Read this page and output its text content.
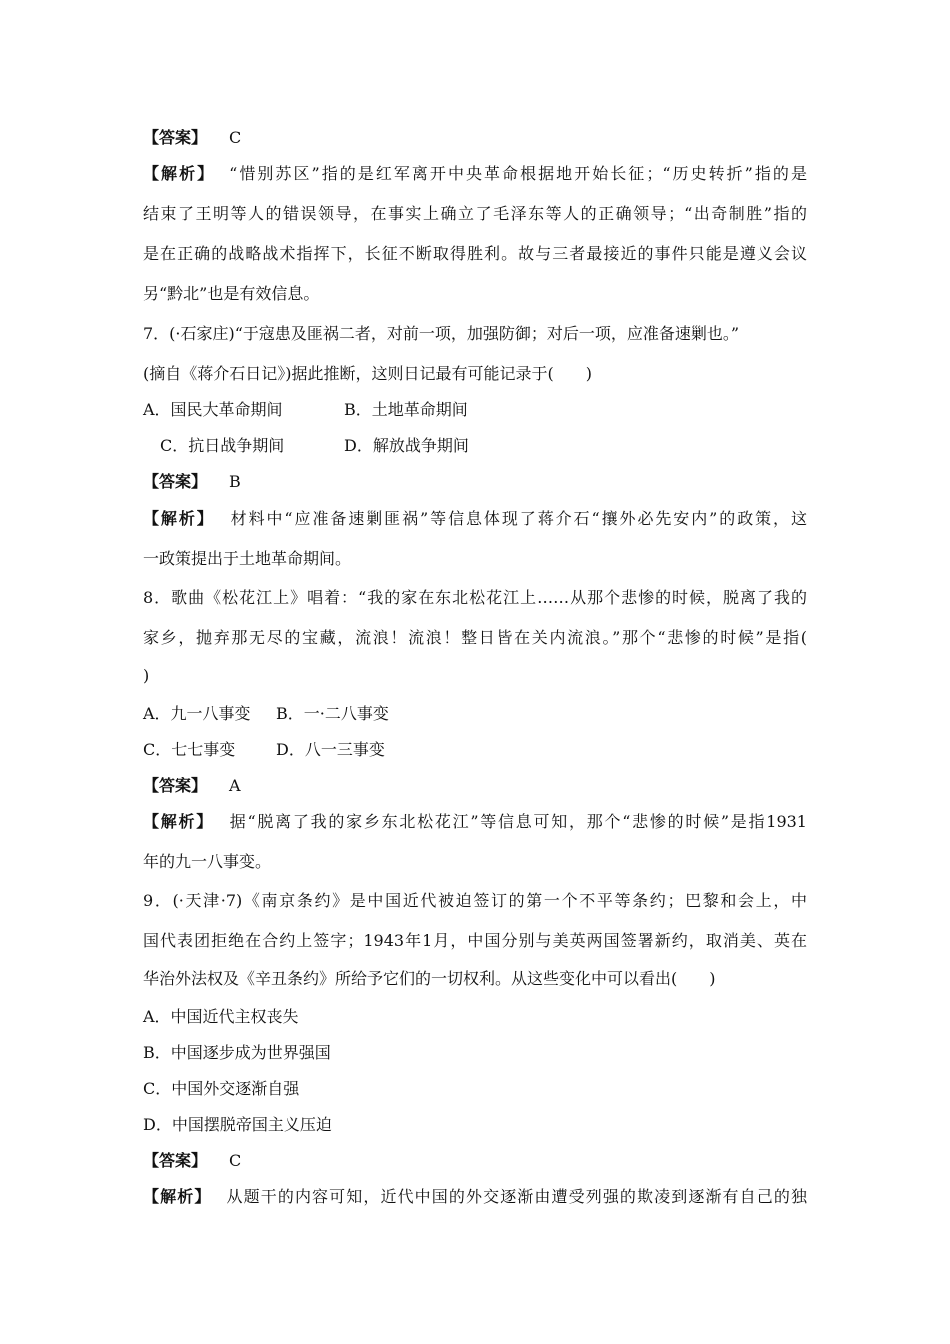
【答案】 C
【解析】 “惜别苏区”指的是红军离开中央革命根据地开始长征；“历史转折”指的是
结束了王明等人的错误领导，在事实上确立了毛泽东等人的正确领导；“出奇制胜”指的
是在正确的战略战术指挥下，长征不断取得胜利。故与三者最接近的事件只能是遵义会议
另“黔北”也是有效信息。
7．(·石家庄)“于寇患及匪祸二者，对前一项，加强防御；对后一项，应准备速剿也。”
(摘自《蒋介石日记》)据此推断，这则日记最有可能记录于(　　)
A．国民大革命期间	B．土地革命期间
C．抗日战争期间	D．解放战争期间
【答案】 B
【解析】 材料中“应准备速剿匪祸”等信息体现了蒋介石“攘外必先安内”的政策，这
一政策提出于土地革命期间。
8．歌曲《松花江上》唱着：“我的家在东北松花江上……从那个悲惨的时候，脱离了我的
家乡，抛弃那无尽的宝藏，流浪！流浪！整日皆在关内流浪。”那个“悲惨的时候”是指(
)
A．九一八事变 B．一·二八事变
C．七七事变	D．八一三事变
【答案】 A
【解析】 据“脱离了我的家乡东北松花江”等信息可知，那个“悲惨的时候”是指1931
年的九一八事变。
9．(·天津·7)《南京条约》是中国近代被迫签订的第一个不平等条约；巴黎和会上，中
国代表团拒绝在合约上签字；1943年1月，中国分别与美英两国签署新约，取消美、英在
华治外法权及《辛丑条约》所给予它们的一切权利。从这些变化中可以看出(　　)
A．中国近代主权丧失
B．中国逐步成为世界强国
C．中国外交逐渐自强
D．中国摆脱帝国主义压迫
【答案】 C
【解析】 从题干的内容可知，近代中国的外交逐渐由遭受列强的欺凌到逐渐有自己的独
